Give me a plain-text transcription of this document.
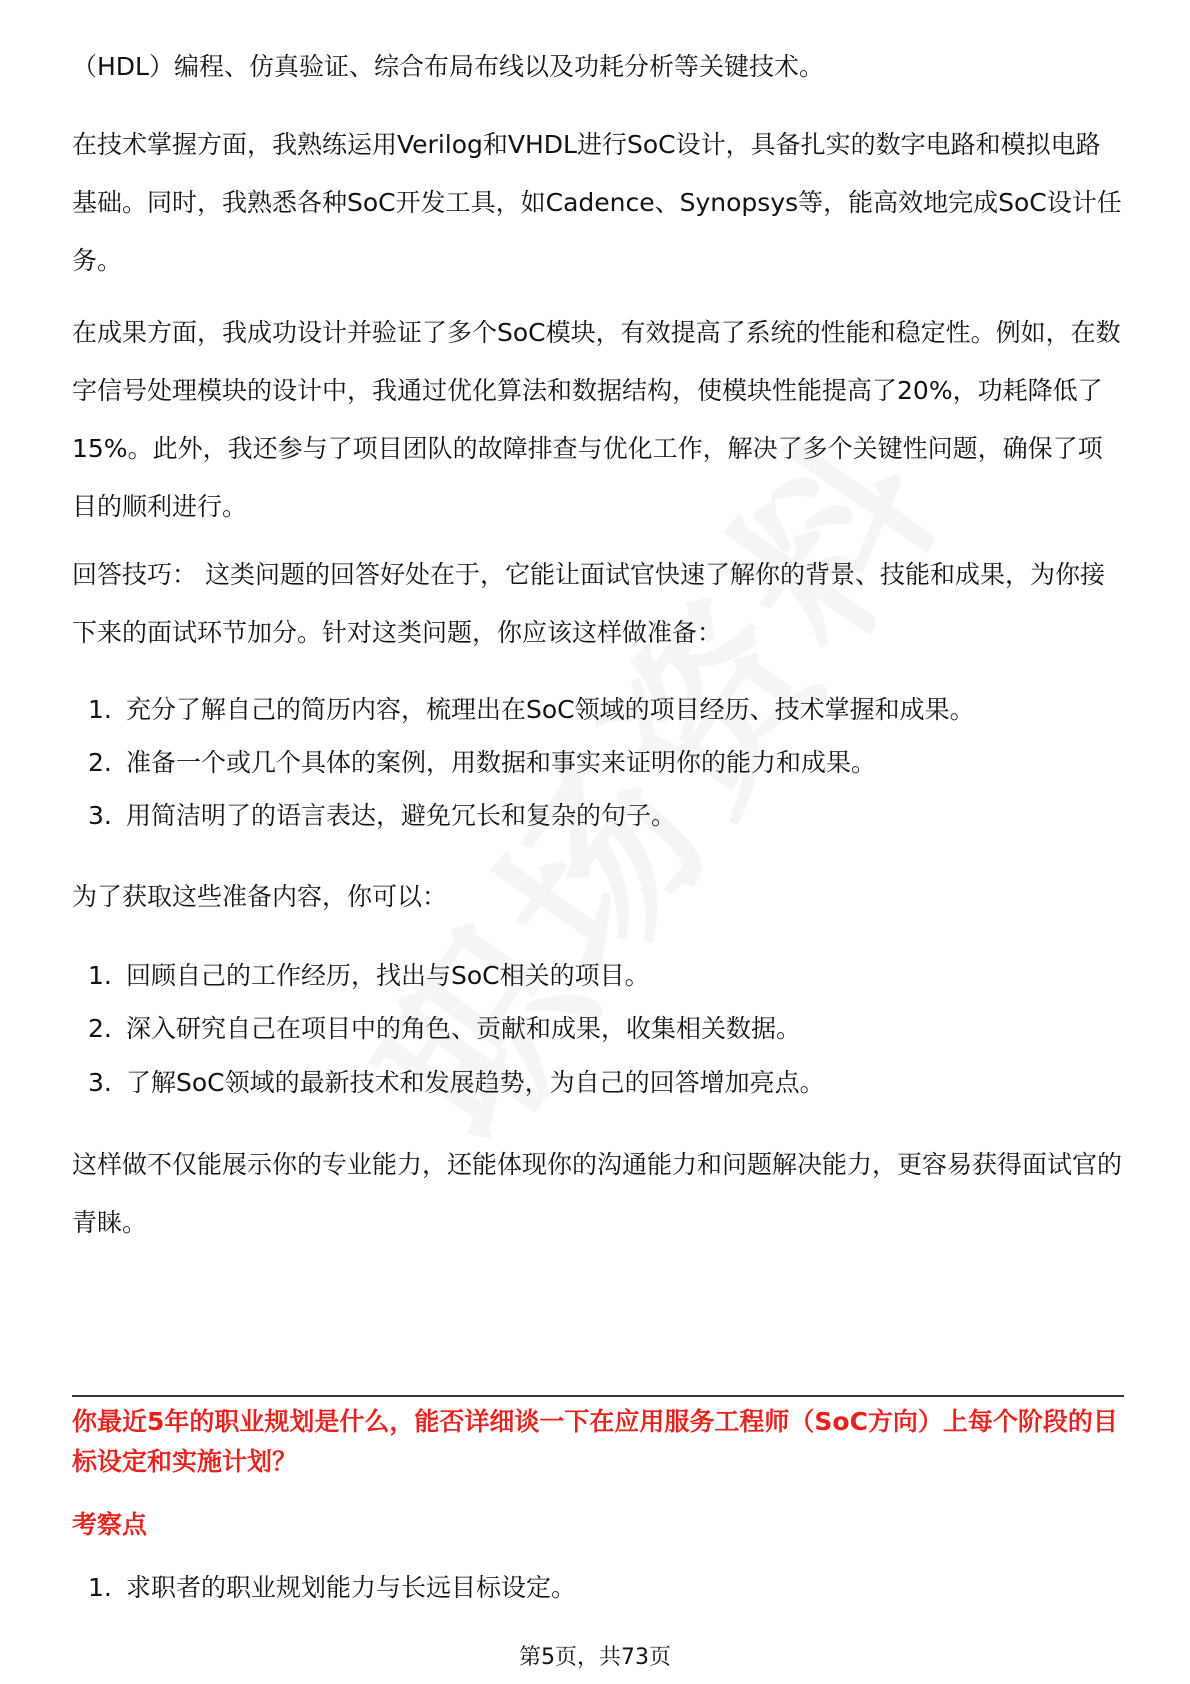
（HDL）编程、仿真验证、综合布局布线以及功耗分析等关键技术。

在技术掌握方面，我熟练运用Verilog和VHDL进行SoC设计，具备扎实的数字电路和模拟电路基础。同时，我熟悉各种SoC开发工具，如Cadence、Synopsys等，能高效地完成SoC设计任务。

在成果方面，我成功设计并验证了多个SoC模块，有效提高了系统的性能和稳定性。例如，在数字信号处理模块的设计中，我通过优化算法和数据结构，使模块性能提高了20%，功耗降低了15%。此外，我还参与了项目团队的故障排查与优化工作，解决了多个关键性问题，确保了项目的顺利进行。

回答技巧： 这类问题的回答好处在于，它能让面试官快速了解你的背景、技能和成果，为你接下来的面试环节加分。针对这类问题，你应该这样做准备：

1. 充分了解自己的简历内容，梳理出在SoC领域的项目经历、技术掌握和成果。
2. 准备一个或几个具体的案例，用数据和事实来证明你的能力和成果。
3. 用简洁明了的语言表达，避免冗长和复杂的句子。

为了获取这些准备内容，你可以：

1. 回顾自己的工作经历，找出与SoC相关的项目。
2. 深入研究自己在项目中的角色、贡献和成果，收集相关数据。
3. 了解SoC领域的最新技术和发展趋势，为自己的回答增加亮点。

这样做不仅能展示你的专业能力，还能体现你的沟通能力和问题解决能力，更容易获得面试官的青睐。

你最近5年的职业规划是什么，能否详细谈一下在应用服务工程师（SoC方向）上每个阶段的目标设定和实施计划？

考察点

1. 求职者的职业规划能力与长远目标设定。
第5页，共73页
